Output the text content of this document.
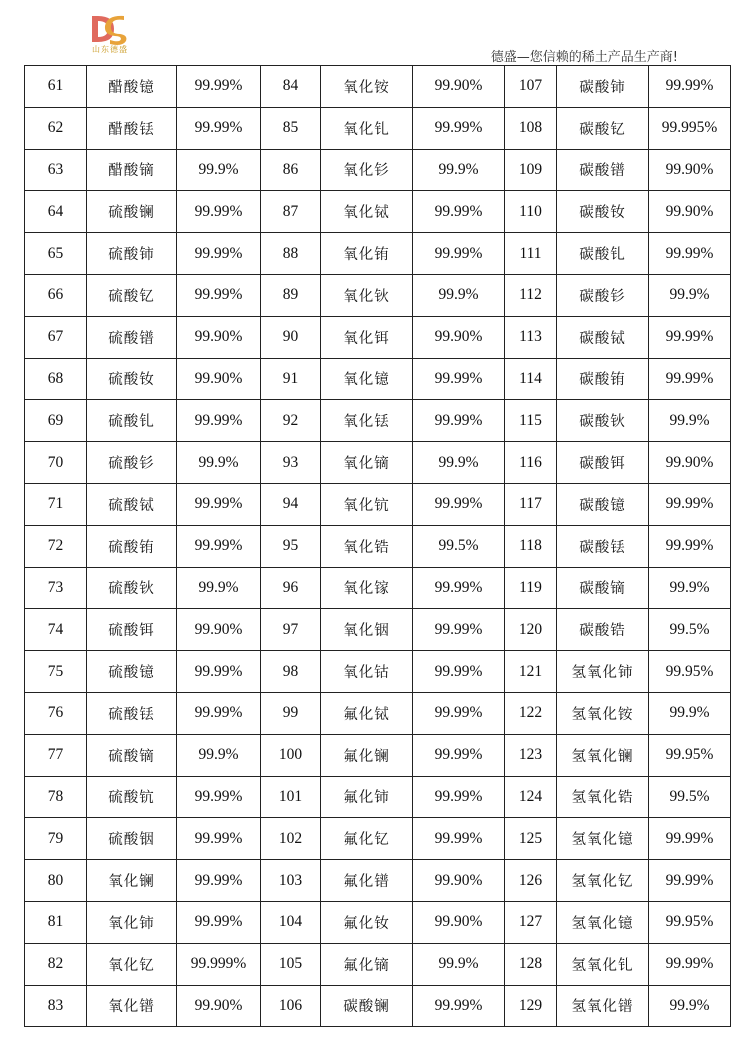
山东德盛
德盛—您信赖的稀土产品生产商!
61	醋酸镱	99.99%	84	氧化铵	99.90%	107	碳酸铈	99.99%
62	醋酸铥	99.99%	85	氧化钆	99.99%	108	碳酸钇	99.995%
63	醋酸镝	99.9%	86	氧化钐	99.9%	109	碳酸镨	99.90%
64	硫酸镧	99.99%	87	氧化铽	99.99%	110	碳酸钕	99.90%
65	硫酸铈	99.99%	88	氧化铕	99.99%	111	碳酸钆	99.99%
66	硫酸钇	99.99%	89	氧化钬	99.9%	112	碳酸钐	99.9%
67	硫酸镨	99.90%	90	氧化铒	99.90%	113	碳酸铽	99.99%
68	硫酸钕	99.90%	91	氧化镱	99.99%	114	碳酸铕	99.99%
69	硫酸钆	99.99%	92	氧化铥	99.99%	115	碳酸钬	99.9%
70	硫酸钐	99.9%	93	氧化镝	99.9%	116	碳酸铒	99.90%
71	硫酸铽	99.99%	94	氧化钪	99.99%	117	碳酸镱	99.99%
72	硫酸铕	99.99%	95	氧化锆	99.5%	118	碳酸铥	99.99%
73	硫酸钬	99.9%	96	氧化镓	99.99%	119	碳酸镝	99.9%
74	硫酸铒	99.90%	97	氧化铟	99.99%	120	碳酸锆	99.5%
75	硫酸镱	99.99%	98	氧化钴	99.99%	121	氢氧化铈	99.95%
76	硫酸铥	99.99%	99	氟化铽	99.99%	122	氢氧化铵	99.9%
77	硫酸镝	99.9%	100	氟化镧	99.99%	123	氢氧化镧	99.95%
78	硫酸钪	99.99%	101	氟化铈	99.99%	124	氢氧化锆	99.5%
79	硫酸铟	99.99%	102	氟化钇	99.99%	125	氢氧化镱	99.99%
80	氧化镧	99.99%	103	氟化镨	99.90%	126	氢氧化钇	99.99%
81	氧化铈	99.99%	104	氟化钕	99.90%	127	氢氧化镱	99.95%
82	氧化钇	99.999%	105	氟化镝	99.9%	128	氢氧化钆	99.99%
83	氧化镨	99.90%	106	碳酸镧	99.99%	129	氢氧化镨	99.9%
